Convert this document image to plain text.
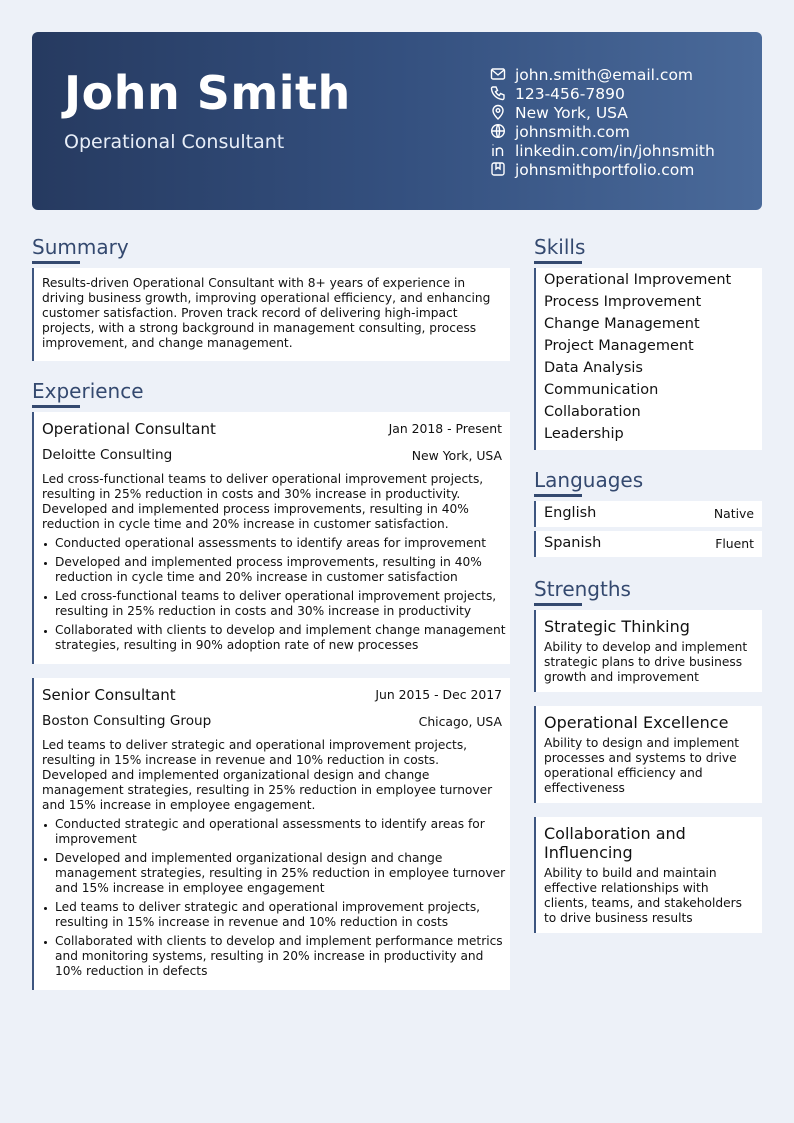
John Smith
Operational Consultant
john.smith@email.com
123-456-7890
New York, USA
johnsmith.com
linkedin.com/in/johnsmith
johnsmithportfolio.com
Summary
Results-driven Operational Consultant with 8+ years of experience in driving business growth, improving operational efficiency, and enhancing customer satisfaction. Proven track record of delivering high-impact projects, with a strong background in management consulting, process improvement, and change management.
Experience
Operational Consultant	Jan 2018 - Present
Deloitte Consulting	New York, USA
Led cross-functional teams to deliver operational improvement projects, resulting in 25% reduction in costs and 30% increase in productivity. Developed and implemented process improvements, resulting in 40% reduction in cycle time and 20% increase in customer satisfaction.
Conducted operational assessments to identify areas for improvement
Developed and implemented process improvements, resulting in 40% reduction in cycle time and 20% increase in customer satisfaction
Led cross-functional teams to deliver operational improvement projects, resulting in 25% reduction in costs and 30% increase in productivity
Collaborated with clients to develop and implement change management strategies, resulting in 90% adoption rate of new processes
Senior Consultant	Jun 2015 - Dec 2017
Boston Consulting Group	Chicago, USA
Led teams to deliver strategic and operational improvement projects, resulting in 15% increase in revenue and 10% reduction in costs. Developed and implemented organizational design and change management strategies, resulting in 25% reduction in employee turnover and 15% increase in employee engagement.
Conducted strategic and operational assessments to identify areas for improvement
Developed and implemented organizational design and change management strategies, resulting in 25% reduction in employee turnover and 15% increase in employee engagement
Led teams to deliver strategic and operational improvement projects, resulting in 15% increase in revenue and 10% reduction in costs
Collaborated with clients to develop and implement performance metrics and monitoring systems, resulting in 20% increase in productivity and 10% reduction in defects
Skills
Operational Improvement
Process Improvement
Change Management
Project Management
Data Analysis
Communication
Collaboration
Leadership
Languages
English	Native
Spanish	Fluent
Strengths
Strategic Thinking
Ability to develop and implement strategic plans to drive business growth and improvement
Operational Excellence
Ability to design and implement processes and systems to drive operational efficiency and effectiveness
Collaboration and Influencing
Ability to build and maintain effective relationships with clients, teams, and stakeholders to drive business results
